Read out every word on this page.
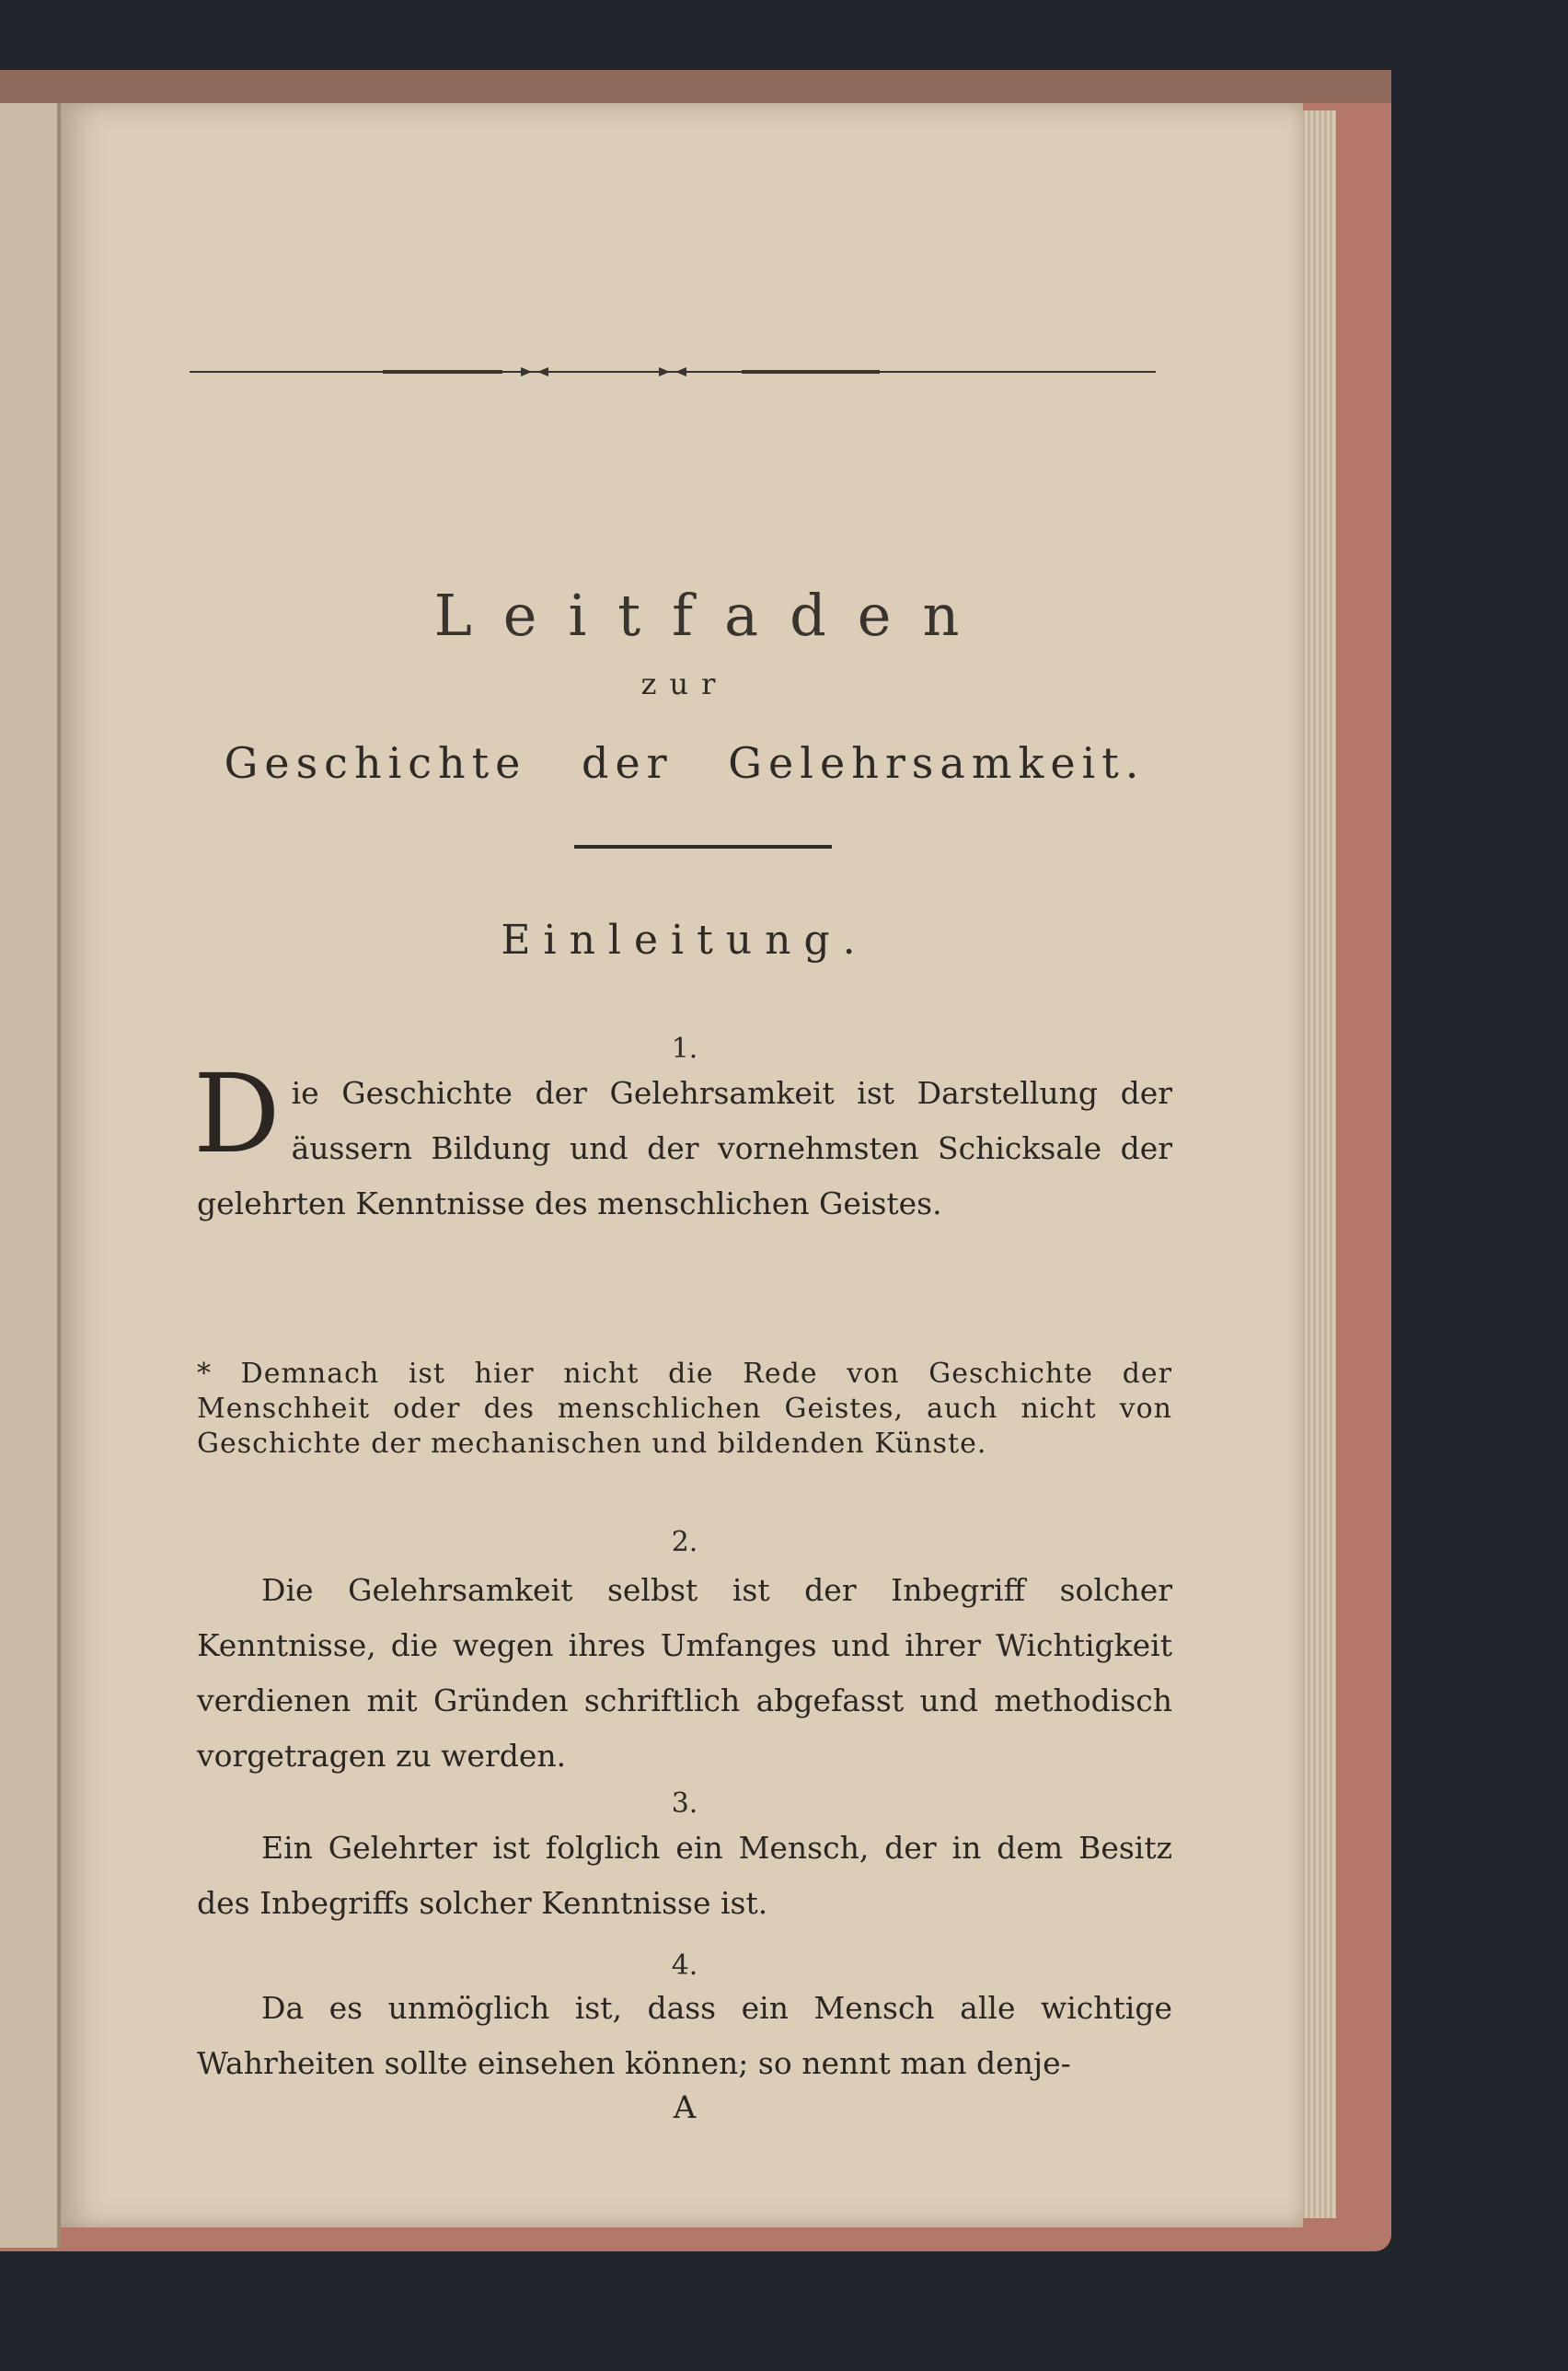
Leitfaden
zur
Geschichte der Gelehrsamkeit.
Einleitung.
1.
Die Geschichte der Gelehrsamkeit ist Darstellung der äussern Bildung und der vornehmsten Schicksale der gelehrten Kenntnisse des menschlichen Geistes.
* Demnach ist hier nicht die Rede von Geschichte der Menschheit oder des menschlichen Geistes, auch nicht von Geschichte der mechanischen und bildenden Künste.
2.
Die Gelehrsamkeit selbst ist der Inbegriff solcher Kenntnisse, die wegen ihres Umfanges und ihrer Wichtigkeit verdienen mit Gründen schriftlich abgefasst und methodisch vorgetragen zu werden.
3.
Ein Gelehrter ist folglich ein Mensch, der in dem Besitz des Inbegriffs solcher Kenntnisse ist.
4.
Da es unmöglich ist, dass ein Mensch alle wichtige Wahrheiten sollte einsehen können; so nennt man denje-
A
